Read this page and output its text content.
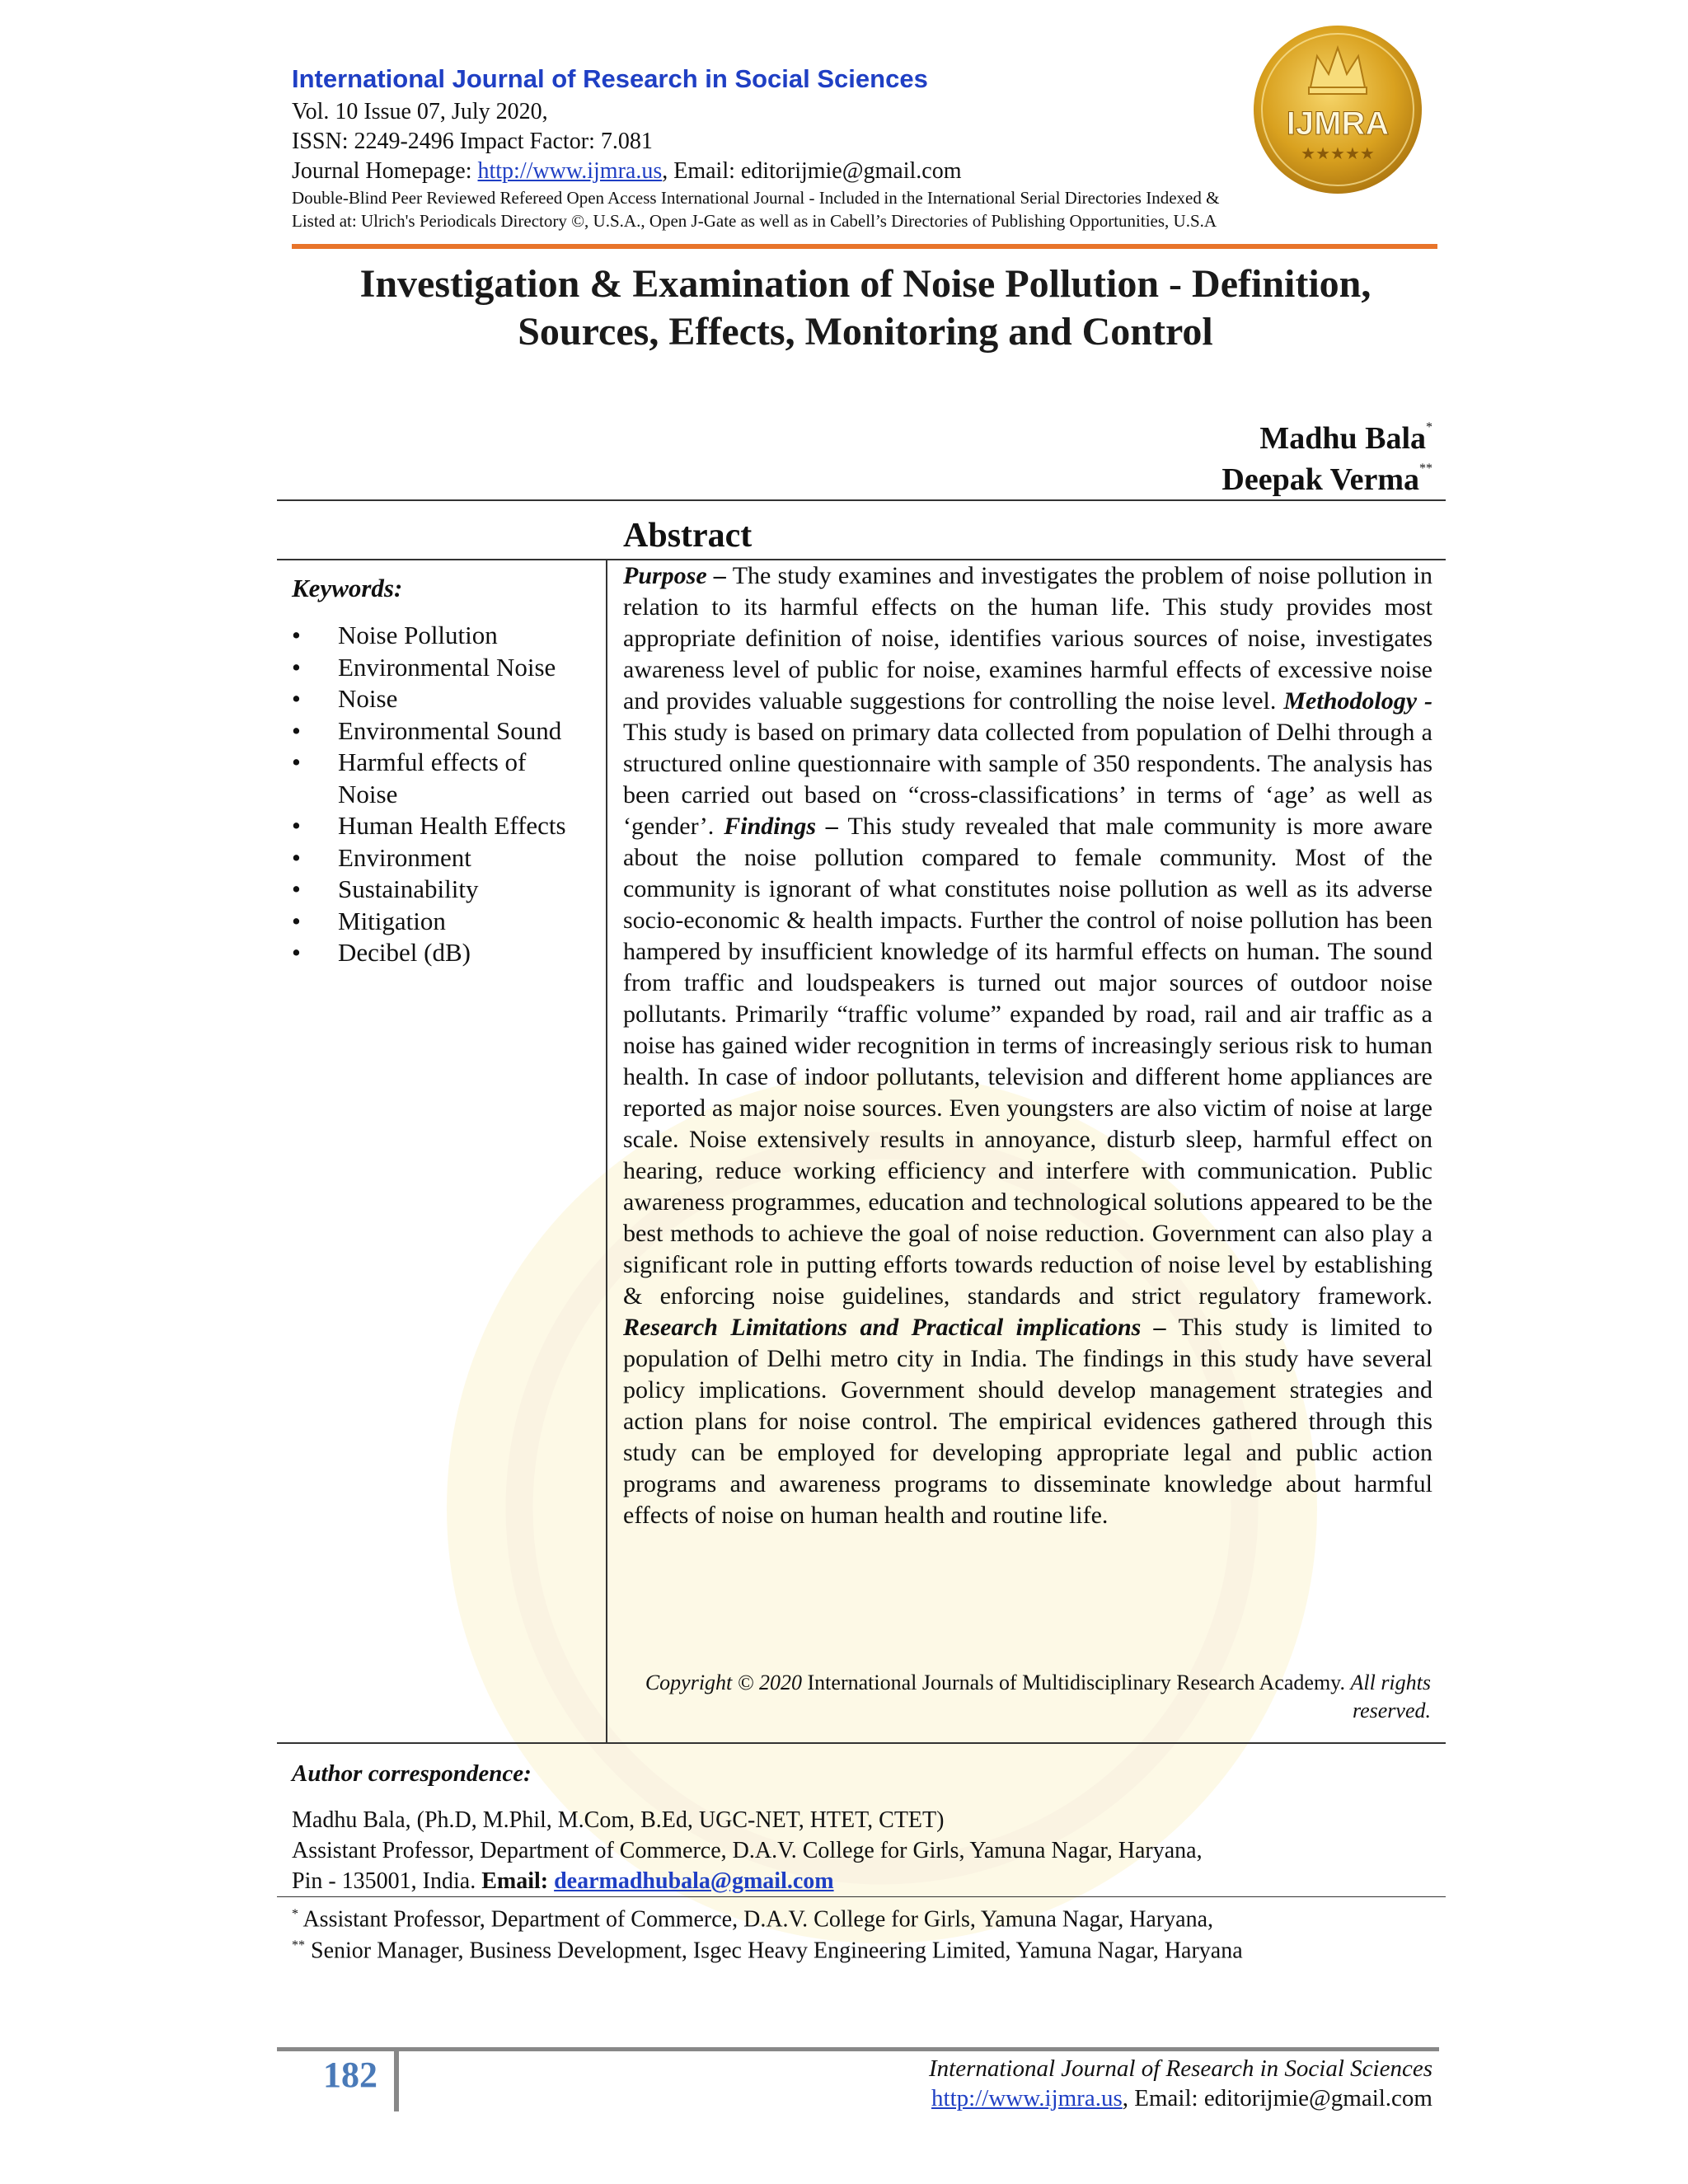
International Journal of Research in Social Sciences
Vol. 10 Issue 07, July 2020,
ISSN: 2249-2496 Impact Factor: 7.081
Journal Homepage: http://www.ijmra.us, Email: editorijmie@gmail.com
Double-Blind Peer Reviewed Refereed Open Access International Journal - Included in the International Serial Directories Indexed &
Listed at: Ulrich's Periodicals Directory ©, U.S.A., Open J-Gate as well as in Cabell’s Directories of Publishing Opportunities, U.S.A
IJMRA
★★★★★
Investigation & Examination of Noise Pollution - Definition,
Sources, Effects, Monitoring and Control
Madhu Bala*
Deepak Verma**
Abstract
Keywords:
• Noise Pollution
• Environmental Noise
• Noise
• Environmental Sound
• Harmful effects of Noise
• Human Health Effects
• Environment
• Sustainability
• Mitigation
• Decibel (dB)
Purpose – The study examines and investigates the problem of noise pollution in relation to its harmful effects on the human life. This study provides most appropriate definition of noise, identifies various sources of noise, investigates awareness level of public for noise, examines harmful effects of excessive noise and provides valuable suggestions for controlling the noise level. Methodology - This study is based on primary data collected from population of Delhi through a structured online questionnaire with sample of 350 respondents. The analysis has been carried out based on “cross-classifications’ in terms of ‘age’ as well as ‘gender’. Findings – This study revealed that male community is more aware about the noise pollution compared to female community. Most of the community is ignorant of what constitutes noise pollution as well as its adverse socio-economic & health impacts. Further the control of noise pollution has been hampered by insufficient knowledge of its harmful effects on human. The sound from traffic and loudspeakers is turned out major sources of outdoor noise pollutants. Primarily “traffic volume” expanded by road, rail and air traffic as a noise has gained wider recognition in terms of increasingly serious risk to human health. In case of indoor pollutants, television and different home appliances are reported as major noise sources. Even youngsters are also victim of noise at large scale. Noise extensively results in annoyance, disturb sleep, harmful effect on hearing, reduce working efficiency and interfere with communication. Public awareness programmes, education and technological solutions appeared to be the best methods to achieve the goal of noise reduction. Government can also play a significant role in putting efforts towards reduction of noise level by establishing & enforcing noise guidelines, standards and strict regulatory framework. Research Limitations and Practical implications – This study is limited to population of Delhi metro city in India. The findings in this study have several policy implications. Government should develop management strategies and action plans for noise control. The empirical evidences gathered through this study can be employed for developing appropriate legal and public action programs and awareness programs to disseminate knowledge about harmful effects of noise on human health and routine life.
Copyright © 2020 International Journals of Multidisciplinary Research Academy. All rights reserved.
Author correspondence:
Madhu Bala, (Ph.D, M.Phil, M.Com, B.Ed, UGC-NET, HTET, CTET)
Assistant Professor, Department of Commerce, D.A.V. College for Girls, Yamuna Nagar, Haryana,
Pin - 135001, India. Email: dearmadhubala@gmail.com
* Assistant Professor, Department of Commerce, D.A.V. College for Girls, Yamuna Nagar, Haryana,
** Senior Manager, Business Development, Isgec Heavy Engineering Limited, Yamuna Nagar, Haryana
182	International Journal of Research in Social Sciences
http://www.ijmra.us, Email: editorijmie@gmail.com
